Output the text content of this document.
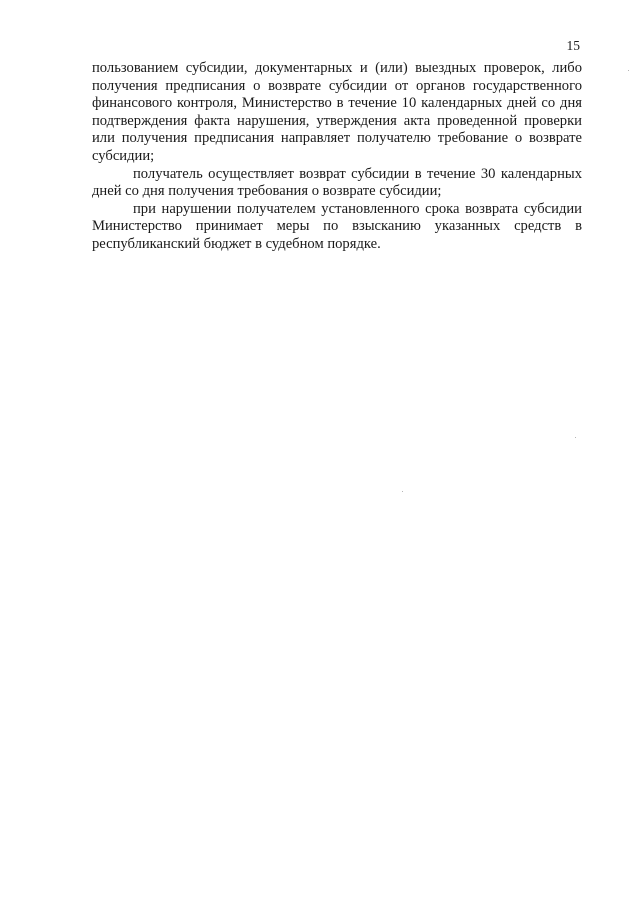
15

пользованием субсидии, документарных и (или) выездных проверок, либо получения предписания о возврате субсидии от органов государственного финансового контроля, Министерство в течение 10 календарных дней со дня подтверждения факта нарушения, утверждения акта проведенной проверки или получения предписания направляет получателю требование о возврате субсидии;

получатель осуществляет возврат субсидии в течение 30 календарных дней со дня получения требования о возврате субсидии;

при нарушении получателем установленного срока возврата субсидии Министерство принимает меры по взысканию указанных средств в республиканский бюджет в судебном порядке.
